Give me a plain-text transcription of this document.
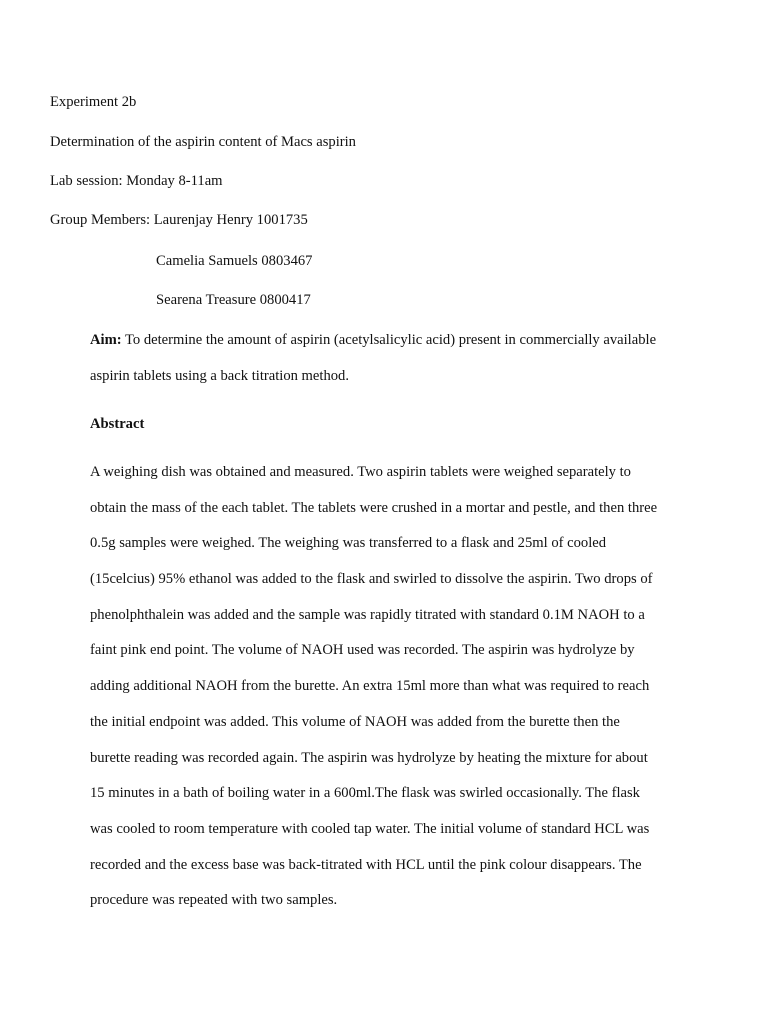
Experiment 2b
Determination of the aspirin content of Macs aspirin
Lab session: Monday 8-11am
Group Members: Laurenjay Henry 1001735
Camelia Samuels 0803467
Searena Treasure 0800417
Aim: To determine the amount of aspirin (acetylsalicylic acid) present in commercially available
aspirin tablets using a back titration method.
Abstract
A weighing dish was obtained and measured. Two aspirin tablets were weighed separately to
obtain the mass of the each tablet. The tablets were crushed in a mortar and pestle, and then three
0.5g samples were weighed. The weighing was transferred to a flask and 25ml of cooled
(15celcius) 95% ethanol was added to the flask and swirled to dissolve the aspirin. Two drops of
phenolphthalein was added and the sample was rapidly titrated with standard 0.1M NAOH to a
faint pink end point. The volume of NAOH used was recorded. The aspirin was hydrolyze by
adding additional NAOH from the burette. An extra 15ml more than what was required to reach
the initial endpoint was added. This volume of NAOH was added from the burette then the
burette reading was recorded again. The aspirin was hydrolyze by heating the mixture for about
15 minutes in a bath of boiling water in a 600ml.The flask was swirled occasionally. The flask
was cooled to room temperature with cooled tap water. The initial volume of standard HCL was
recorded and the excess base was back-titrated with HCL until the pink colour disappears. The
procedure was repeated with two samples.
